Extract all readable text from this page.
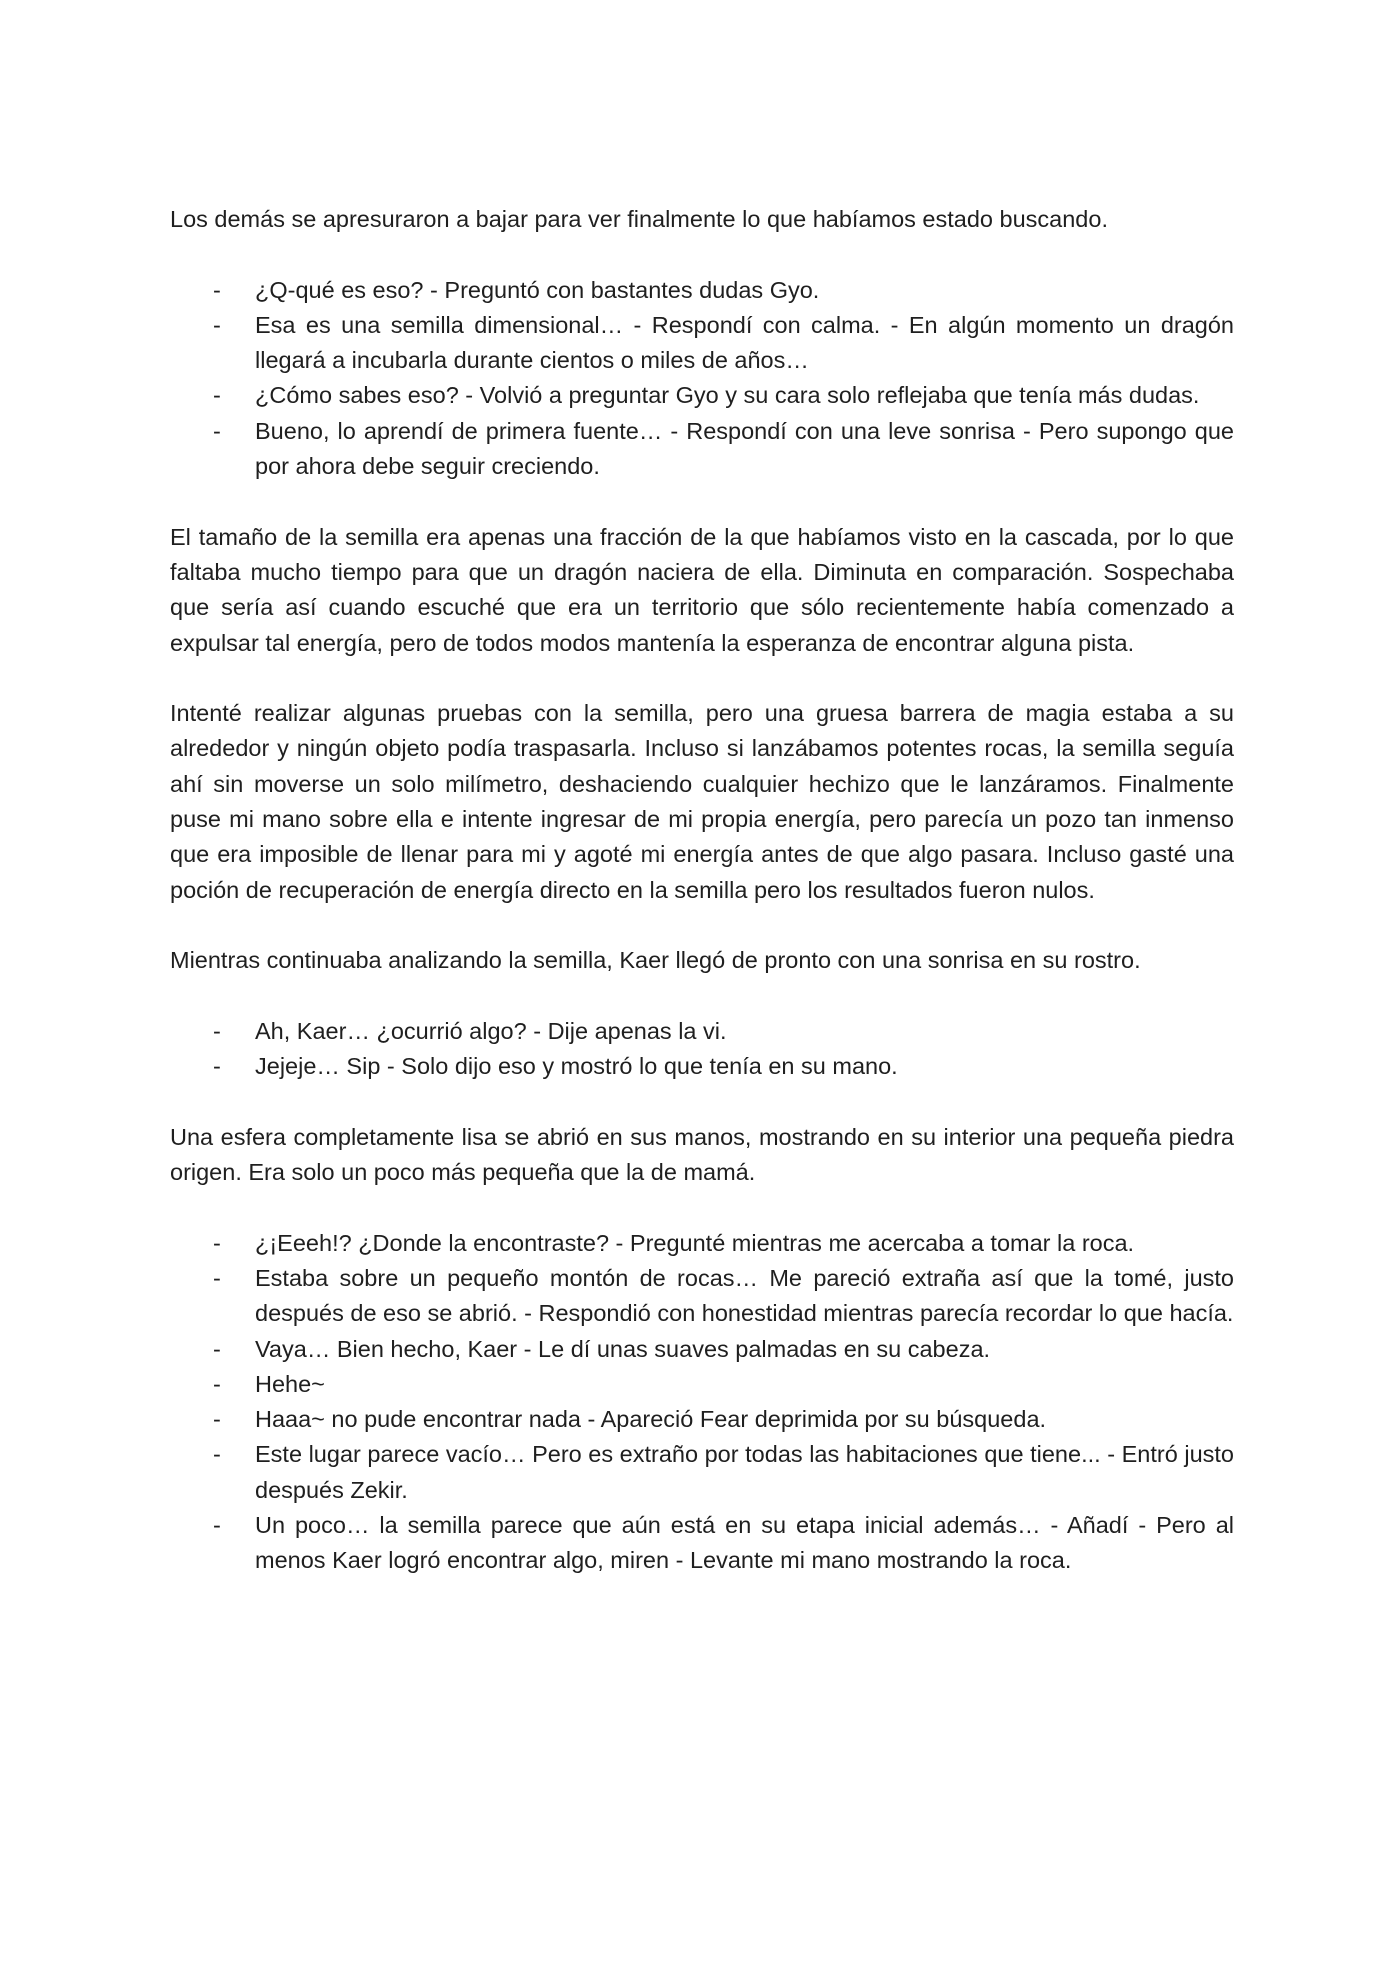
Los demás se apresuraron a bajar para ver finalmente lo que habíamos estado buscando.

- ¿Q-qué es eso? - Preguntó con bastantes dudas Gyo.
- Esa es una semilla dimensional… - Respondí con calma. - En algún momento un dragón llegará a incubarla durante cientos o miles de años…
- ¿Cómo sabes eso? - Volvió a preguntar Gyo y su cara solo reflejaba que tenía más dudas.
- Bueno, lo aprendí de primera fuente… - Respondí con una leve sonrisa - Pero supongo que por ahora debe seguir creciendo.

El tamaño de la semilla era apenas una fracción de la que habíamos visto en la cascada, por lo que faltaba mucho tiempo para que un dragón naciera de ella. Diminuta en comparación. Sospechaba que sería así cuando escuché que era un territorio que sólo recientemente había comenzado a expulsar tal energía, pero de todos modos mantenía la esperanza de encontrar alguna pista.

Intenté realizar algunas pruebas con la semilla, pero una gruesa barrera de magia estaba a su alrededor y ningún objeto podía traspasarla. Incluso si lanzábamos potentes rocas, la semilla seguía ahí sin moverse un solo milímetro, deshaciendo cualquier hechizo que le lanzáramos. Finalmente puse mi mano sobre ella e intente ingresar de mi propia energía, pero parecía un pozo tan inmenso que era imposible de llenar para mi y agoté mi energía antes de que algo pasara. Incluso gasté una poción de recuperación de energía directo en la semilla pero los resultados fueron nulos.

Mientras continuaba analizando la semilla, Kaer llegó de pronto con una sonrisa en su rostro.

- Ah, Kaer… ¿ocurrió algo? - Dije apenas la vi.
- Jejeje… Sip - Solo dijo eso y mostró lo que tenía en su mano.

Una esfera completamente lisa se abrió en sus manos, mostrando en su interior una pequeña piedra origen. Era solo un poco más pequeña que la de mamá.

- ¿¡Eeeh!? ¿Donde la encontraste? - Pregunté mientras me acercaba a tomar la roca.
- Estaba sobre un pequeño montón de rocas… Me pareció extraña así que la tomé, justo después de eso se abrió. - Respondió con honestidad mientras parecía recordar lo que hacía.
- Vaya… Bien hecho, Kaer - Le dí unas suaves palmadas en su cabeza.
- Hehe~
- Haaa~ no pude encontrar nada - Apareció Fear deprimida por su búsqueda.
- Este lugar parece vacío… Pero es extraño por todas las habitaciones que tiene... - Entró justo después Zekir.
- Un poco… la semilla parece que aún está en su etapa inicial además… - Añadí - Pero al menos Kaer logró encontrar algo, miren - Levante mi mano mostrando la roca.
